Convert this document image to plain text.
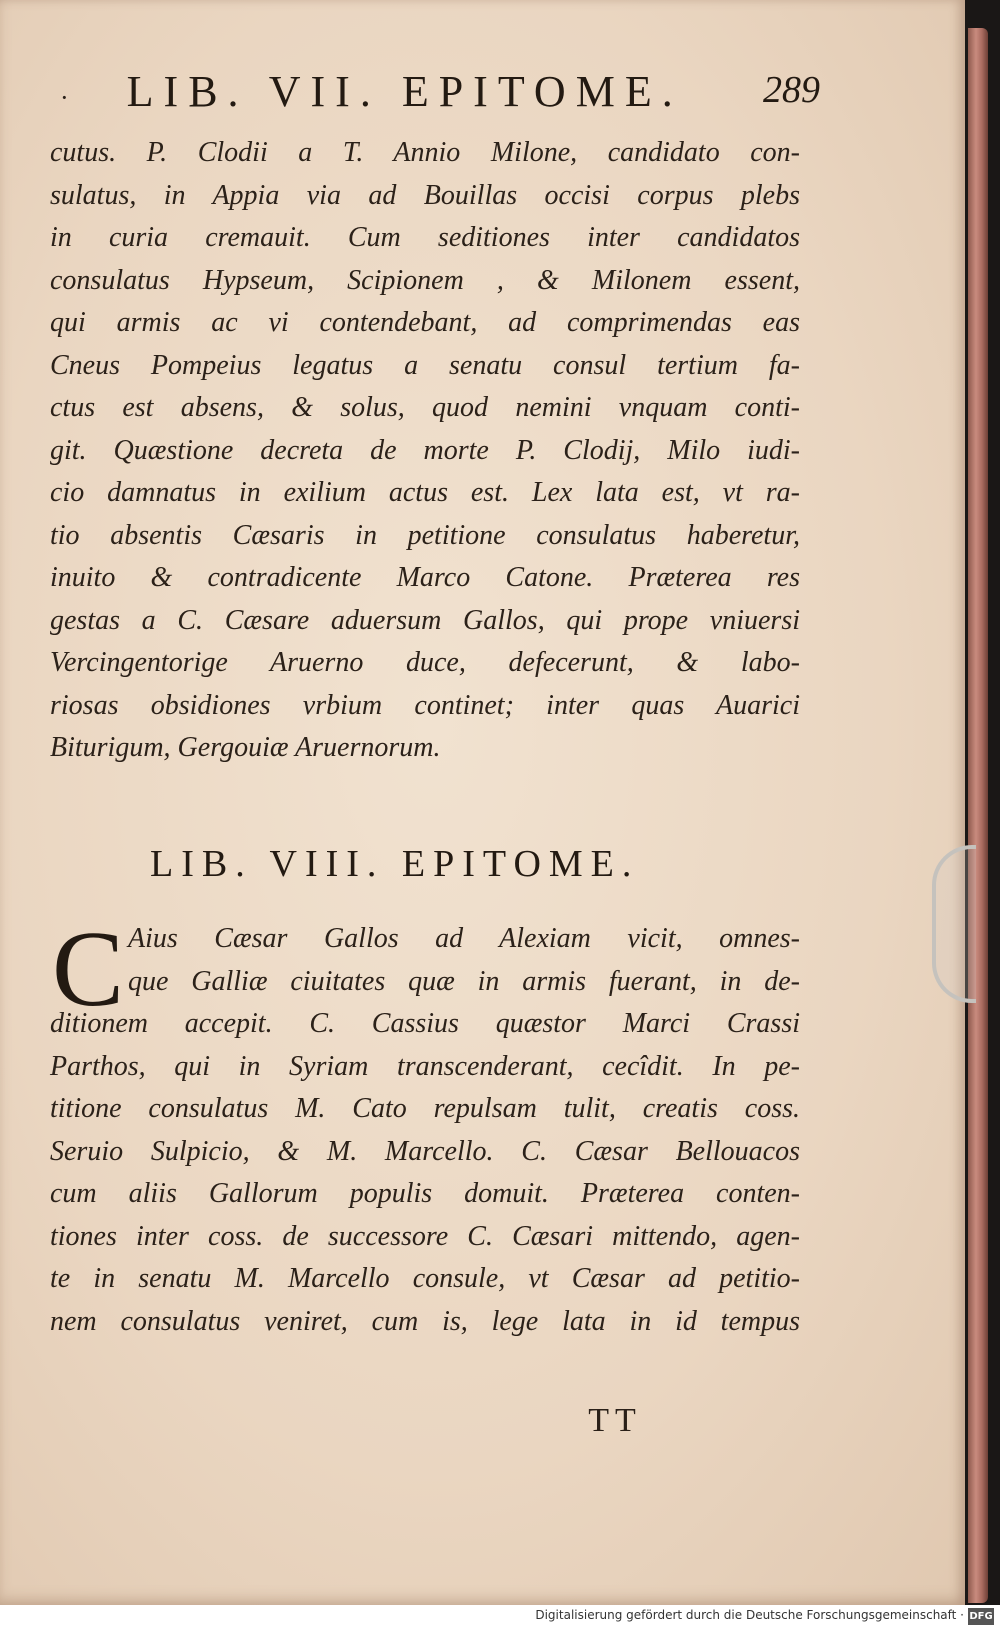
· LIB. VII. EPITOME. 289
cutus. P. Clodii a T. Annio Milone, candidato con-
sulatus, in Appia via ad Bouillas occisi corpus plebs
in curia cremauit. Cum seditiones inter candidatos
consulatus Hypseum, Scipionem , & Milonem essent,
qui armis ac vi contendebant, ad comprimendas eas
Cneus Pompeius legatus a senatu consul tertium fa-
ctus est absens, & solus, quod nemini vnquam conti-
git. Quæstione decreta de morte P. Clodij, Milo iudi-
cio damnatus in exilium actus est. Lex lata est, vt ra-
tio absentis Cæsaris in petitione consulatus haberetur,
inuito & contradicente Marco Catone. Præterea res
gestas a C. Cæsare aduersum Gallos, qui prope vniuersi
Vercingentorige Aruerno duce, defecerunt, & labo-
riosas obsidiones vrbium continet; inter quas Auarici
Biturigum, Gergouiæ Aruernorum.
LIB. VIII. EPITOME.
C Aius Cæsar Gallos ad Alexiam vicit, omnes-
que Galliæ ciuitates quæ in armis fuerant, in de-
ditionem accepit. C. Cassius quæstor Marci Crassi
Parthos, qui in Syriam transcenderant, cecîdit. In pe-
titione consulatus M. Cato repulsam tulit, creatis coss.
Seruio Sulpicio, & M. Marcello. C. Cæsar Bellouacos
cum aliis Gallorum populis domuit. Præterea conten-
tiones inter coss. de successore C. Cæsari mittendo, agen-
te in senatu M. Marcello consule, vt Cæsar ad petitio-
nem consulatus veniret, cum is, lege lata in id tempus
TT
Digitalisierung gefördert durch die Deutsche Forschungsgemeinschaft · DFG
